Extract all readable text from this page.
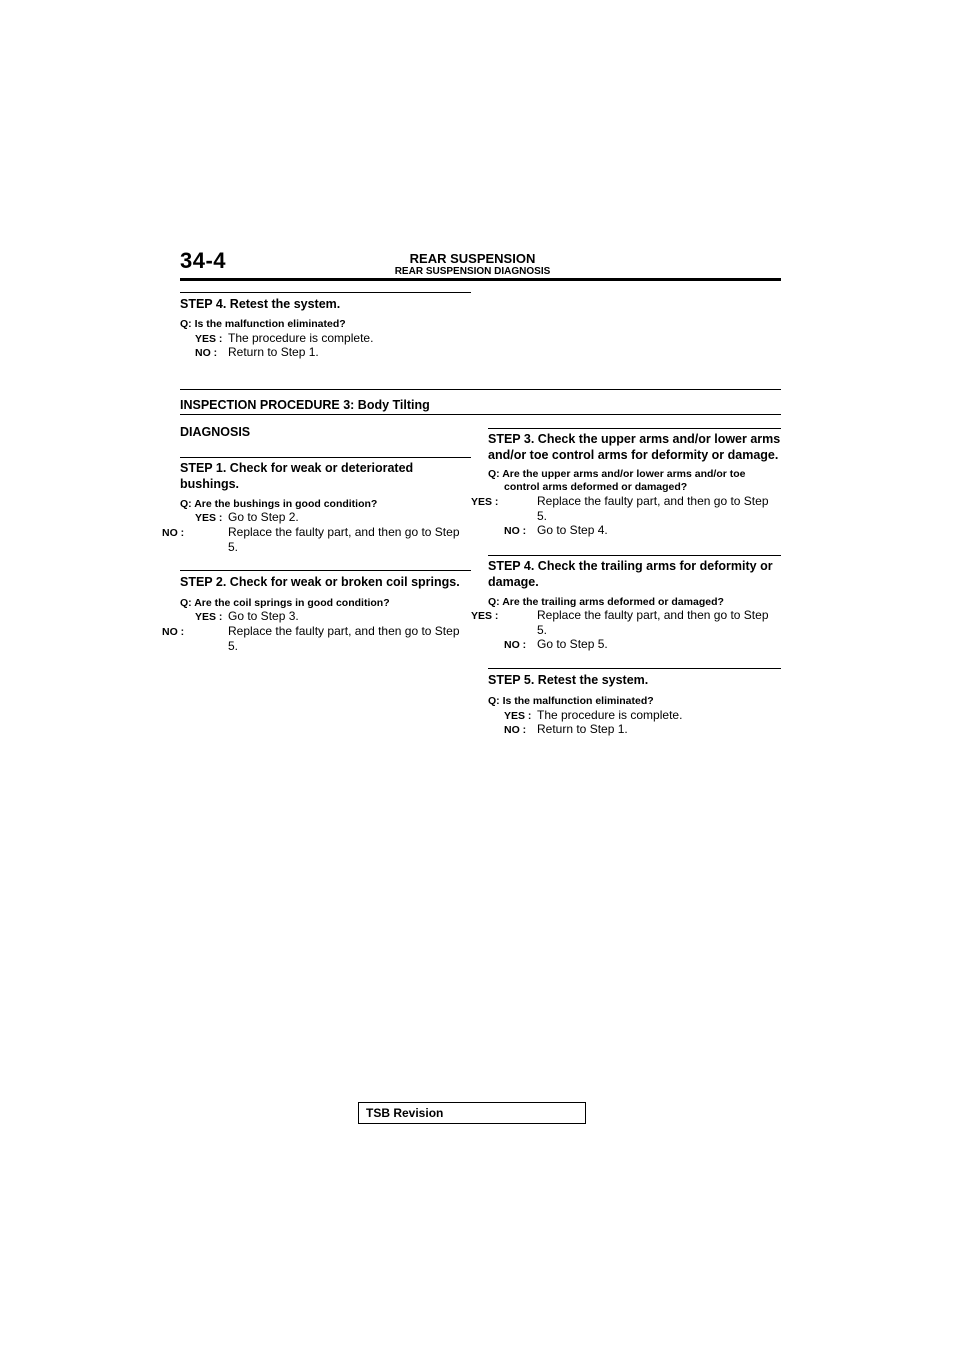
34-4	REAR SUSPENSION
REAR SUSPENSION DIAGNOSIS
STEP 4. Retest the system.
Q: Is the malfunction eliminated?
YES : The procedure is complete.
NO : Return to Step 1.
INSPECTION PROCEDURE 3: Body Tilting
DIAGNOSIS
STEP 1. Check for weak or deteriorated bushings.
Q: Are the bushings in good condition?
YES : Go to Step 2.
NO :	Replace the faulty part, and then go to Step 5.
STEP 2. Check for weak or broken coil springs.
Q: Are the coil springs in good condition?
YES : Go to Step 3.
NO :	Replace the faulty part, and then go to Step 5.
STEP 3. Check the upper arms and/or lower arms and/or toe control arms for deformity or damage.
Q: Are the upper arms and/or lower arms and/or toe
control arms deformed or damaged?
YES :	Replace the faulty part, and then go to Step 5.
NO : Go to Step 4.
STEP 4. Check the trailing arms for deformity or damage.
Q: Are the trailing arms deformed or damaged?
YES :	Replace the faulty part, and then go to Step 5.
NO : Go to Step 5.
STEP 5. Retest the system.
Q: Is the malfunction eliminated?
YES : The procedure is complete.
NO : Return to Step 1.
TSB Revision
